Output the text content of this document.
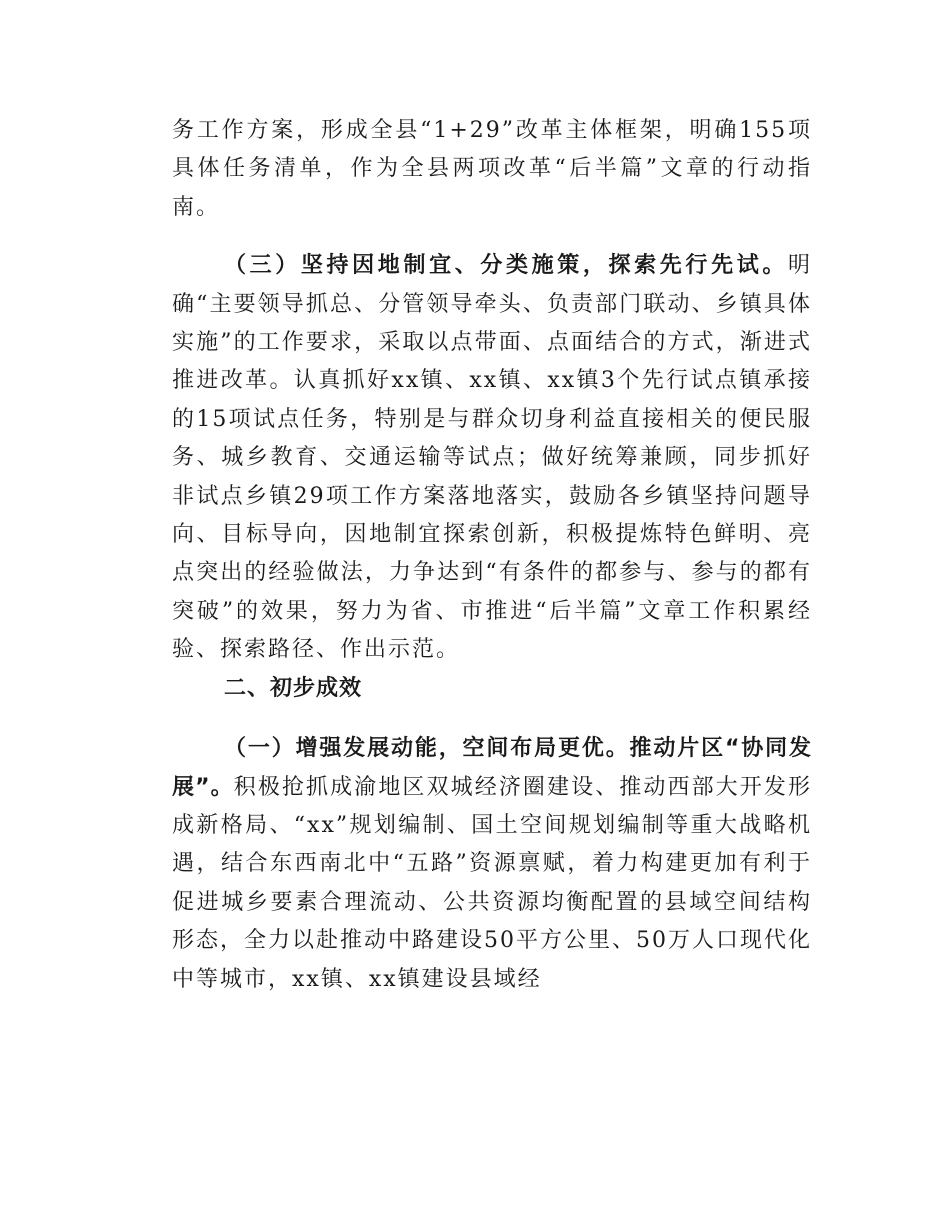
务工作方案，形成全县“1+29”改革主体框架，明确155项具体任务清单，作为全县两项改革“后半篇”文章的行动指南。

（三）坚持因地制宜、分类施策，探索先行先试。明确“主要领导抓总、分管领导牵头、负责部门联动、乡镇具体实施”的工作要求，采取以点带面、点面结合的方式，渐进式推进改革。认真抓好xx镇、xx镇、xx镇3个先行试点镇承接的15项试点任务，特别是与群众切身利益直接相关的便民服务、城乡教育、交通运输等试点；做好统筹兼顾，同步抓好非试点乡镇29项工作方案落地落实，鼓励各乡镇坚持问题导向、目标导向，因地制宜探索创新，积极提炼特色鲜明、亮点突出的经验做法，力争达到“有条件的都参与、参与的都有突破”的效果，努力为省、市推进“后半篇”文章工作积累经验、探索路径、作出示范。

二、初步成效

（一）增强发展动能，空间布局更优。推动片区“协同发展”。积极抢抓成渝地区双城经济圈建设、推动西部大开发形成新格局、“xx”规划编制、国土空间规划编制等重大战略机遇，结合东西南北中“五路”资源禀赋，着力构建更加有利于促进城乡要素合理流动、公共资源均衡配置的县域空间结构形态，全力以赴推动中路建设50平方公里、50万人口现代化中等城市，xx镇、xx镇建设县域经
